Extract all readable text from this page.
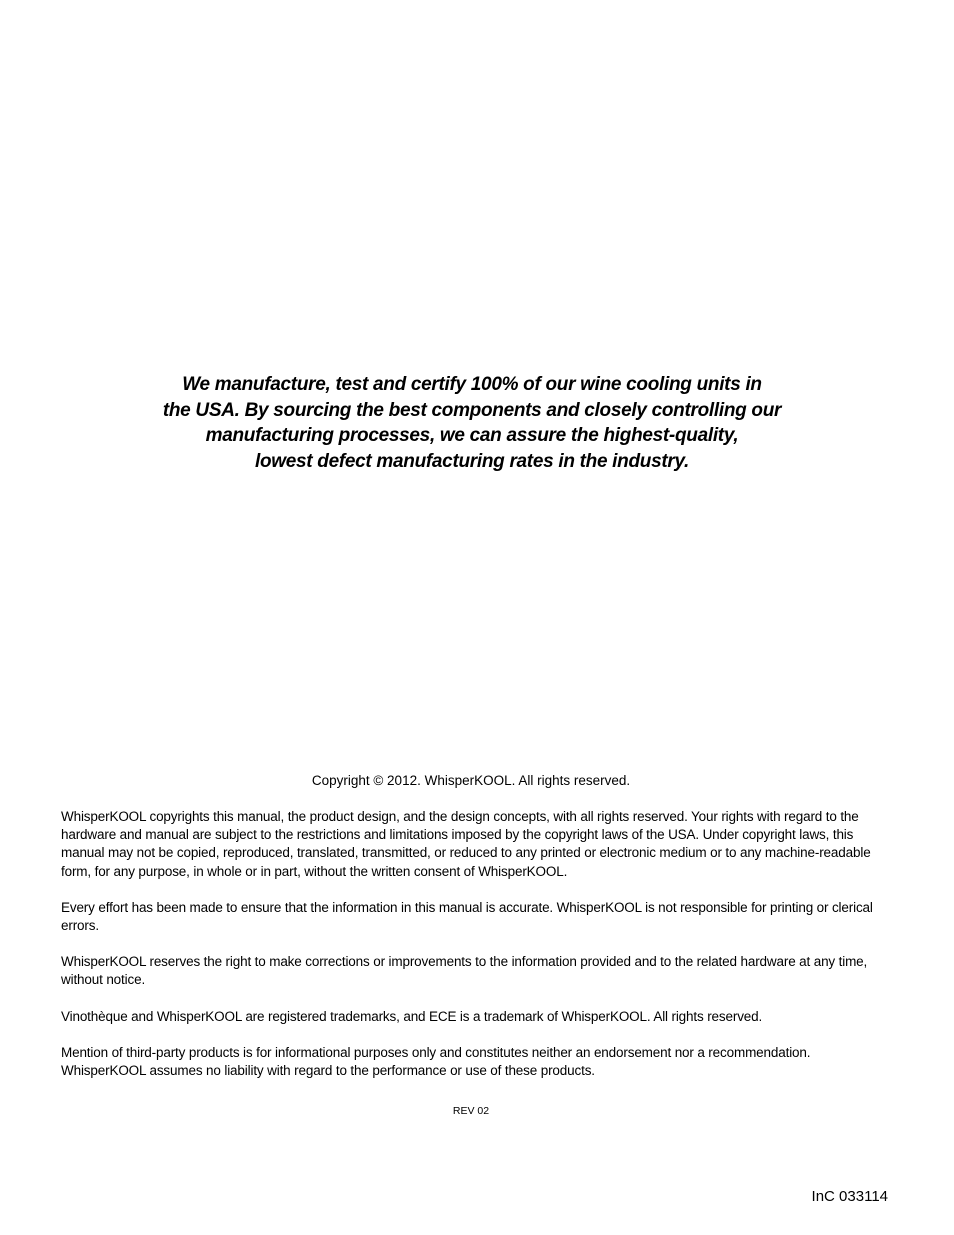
We manufacture, test and certify 100% of our wine cooling units in
the USA. By sourcing the best components and closely controlling our
manufacturing processes, we can assure the highest-quality,
lowest defect manufacturing rates in the industry.
Copyright © 2012. WhisperKOOL. All rights reserved.

WhisperKOOL copyrights this manual, the product design, and the design concepts, with all rights reserved. Your rights with regard to the hardware and manual are subject to the restrictions and limitations imposed by the copyright laws of the USA. Under copyright laws, this manual may not be copied, reproduced, translated, transmitted, or reduced to any printed or electronic medium or to any machine-readable form, for any purpose, in whole or in part, without the written consent of WhisperKOOL.

Every effort has been made to ensure that the information in this manual is accurate. WhisperKOOL is not responsible for printing or clerical errors.

WhisperKOOL reserves the right to make corrections or improvements to the information provided and to the related hardware at any time, without notice.

Vinothèque and WhisperKOOL are registered trademarks, and ECE is a trademark of WhisperKOOL. All rights reserved.

Mention of third-party products is for informational purposes only and constitutes neither an endorsement nor a recommendation. WhisperKOOL assumes no liability with regard to the performance or use of these products.

REV 02
InC 033114
